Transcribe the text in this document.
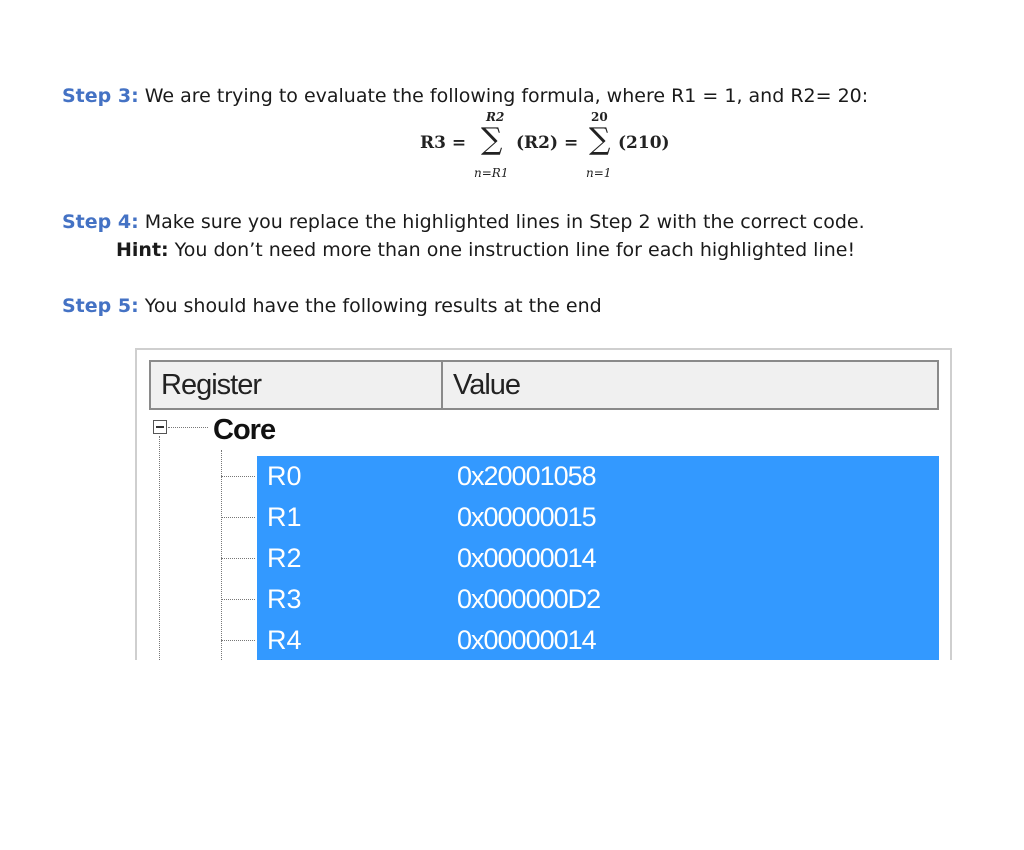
Step 3: We are trying to evaluate the following formula, where R1 = 1, and R2= 20:
R3 =
R2
∑
n=R1
(R2) =
20
∑
n=1
(210)
Step 4: Make sure you replace the highlighted lines in Step 2 with the correct code.
Hint: You don’t need more than one instruction line for each highlighted line!
Step 5: You should have the following results at the end
Register	Value
Core
R0	0x20001058
R1	0x00000015
R2	0x00000014
R3	0x000000D2
R4	0x00000014
